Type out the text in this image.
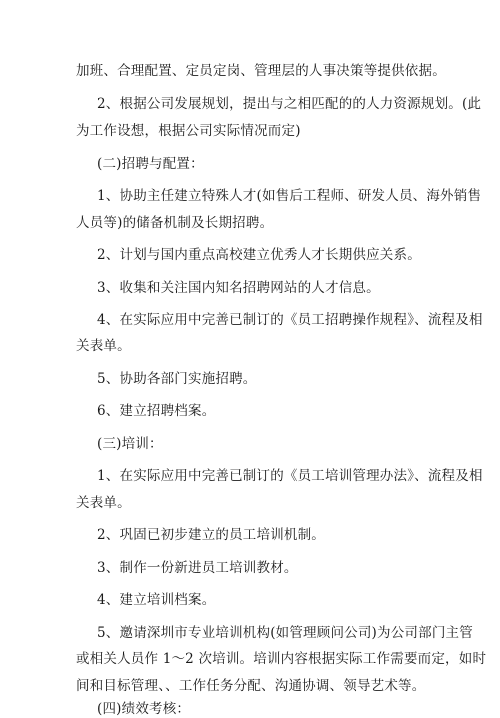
加班、合理配置、定员定岗、管理层的人事决策等提供依据。
2、根据公司发展规划，提出与之相匹配的的人力资源规划。(此
为工作设想，根据公司实际情况而定)
(二)招聘与配置：
1、协助主任建立特殊人才(如售后工程师、研发人员、海外销售
人员等)的储备机制及长期招聘。
2、计划与国内重点高校建立优秀人才长期供应关系。
3、收集和关注国内知名招聘网站的人才信息。
4、在实际应用中完善已制订的《员工招聘操作规程》、流程及相
关表单。
5、协助各部门实施招聘。
6、建立招聘档案。
(三)培训：
1、在实际应用中完善已制订的《员工培训管理办法》、流程及相
关表单。
2、巩固已初步建立的员工培训机制。
3、制作一份新进员工培训教材。
4、建立培训档案。
5、邀请深圳市专业培训机构(如管理顾问公司)为公司部门主管
或相关人员作 1～2 次培训。培训内容根据实际工作需要而定，如时
间和目标管理、、工作任务分配、沟通协调、领导艺术等。
(四)绩效考核：
